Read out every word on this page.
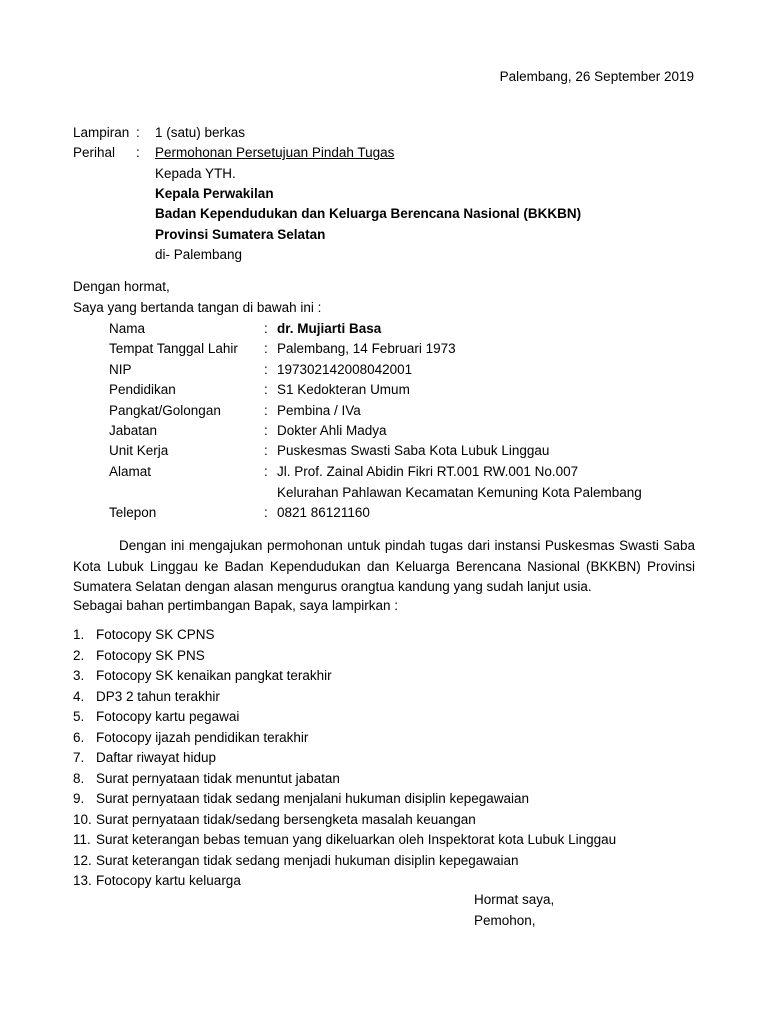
Palembang, 26 September 2019
Lampiran : 1 (satu) berkas
Perihal : Permohonan Persetujuan Pindah Tugas
Kepada YTH.
Kepala Perwakilan
Badan Kependudukan dan Keluarga Berencana Nasional (BKKBN)
Provinsi Sumatera Selatan
di- Palembang
Dengan hormat,
Saya yang bertanda tangan di bawah ini :
Nama	: dr. Mujiarti Basa
Tempat Tanggal Lahir : Palembang, 14 Februari 1973
NIP	: 197302142008042001
Pendidikan	: S1 Kedokteran Umum
Pangkat/Golongan	: Pembina / IVa
Jabatan	: Dokter Ahli Madya
Unit Kerja	: Puskesmas Swasti Saba Kota Lubuk Linggau
Alamat	: Jl. Prof. Zainal Abidin Fikri RT.001 RW.001 No.007
Kelurahan Pahlawan Kecamatan Kemuning Kota Palembang
Telepon	: 0821 86121160
Dengan ini mengajukan permohonan untuk pindah tugas dari instansi Puskesmas Swasti Saba Kota Lubuk Linggau ke Badan Kependudukan dan Keluarga Berencana Nasional (BKKBN) Provinsi Sumatera Selatan dengan alasan mengurus orangtua kandung yang sudah lanjut usia.
Sebagai bahan pertimbangan Bapak, saya lampirkan :
1. Fotocopy SK CPNS
2. Fotocopy SK PNS
3. Fotocopy SK kenaikan pangkat terakhir
4. DP3 2 tahun terakhir
5. Fotocopy kartu pegawai
6. Fotocopy ijazah pendidikan terakhir
7. Daftar riwayat hidup
8. Surat pernyataan tidak menuntut jabatan
9. Surat pernyataan tidak sedang menjalani hukuman disiplin kepegawaian
10. Surat pernyataan tidak/sedang bersengketa masalah keuangan
11. Surat keterangan bebas temuan yang dikeluarkan oleh Inspektorat kota Lubuk Linggau
12. Surat keterangan tidak sedang menjadi hukuman disiplin kepegawaian
13. Fotocopy kartu keluarga
Hormat saya,
Pemohon,
